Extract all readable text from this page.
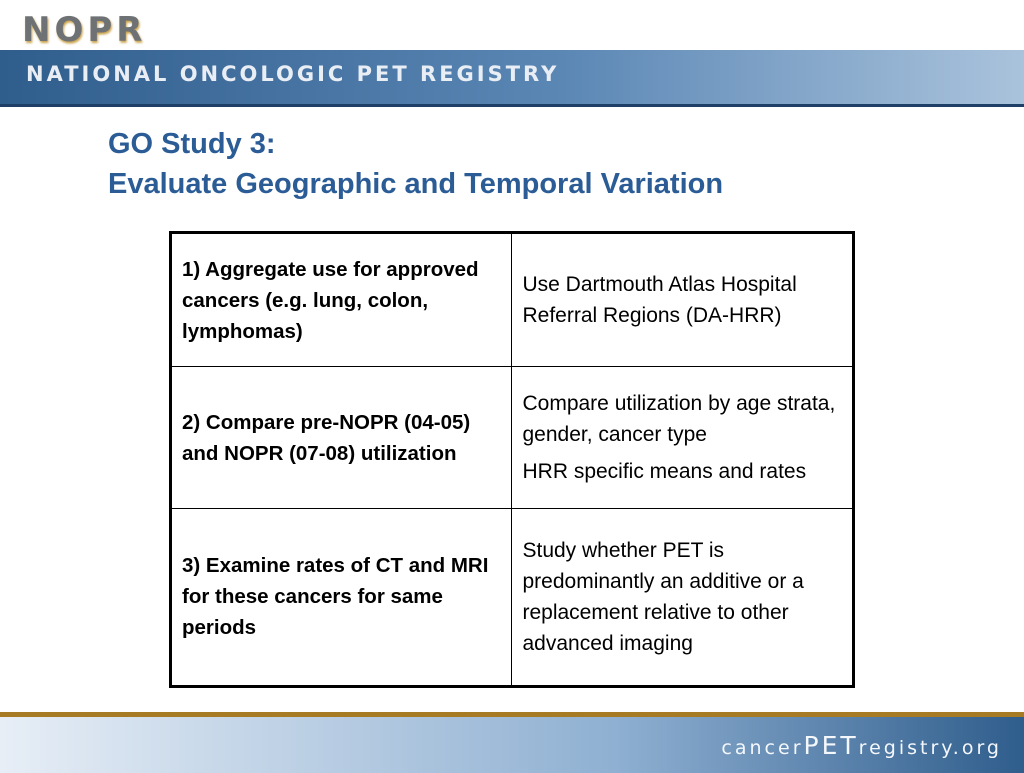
NOPR
NATIONAL ONCOLOGIC PET REGISTRY
GO Study 3:
Evaluate Geographic and Temporal Variation
1) Aggregate use for approved cancers (e.g. lung, colon, lymphomas)	Use Dartmouth Atlas Hospital Referral Regions (DA-HRR)

2) Compare pre-NOPR (04-05) and NOPR (07-08) utilization	Compare utilization by age strata, gender, cancer type
HRR specific means and rates

3) Examine rates of CT and MRI for these cancers for same periods	Study whether PET is predominantly an additive or a replacement relative to other advanced imaging
cancerPETregistry.org
